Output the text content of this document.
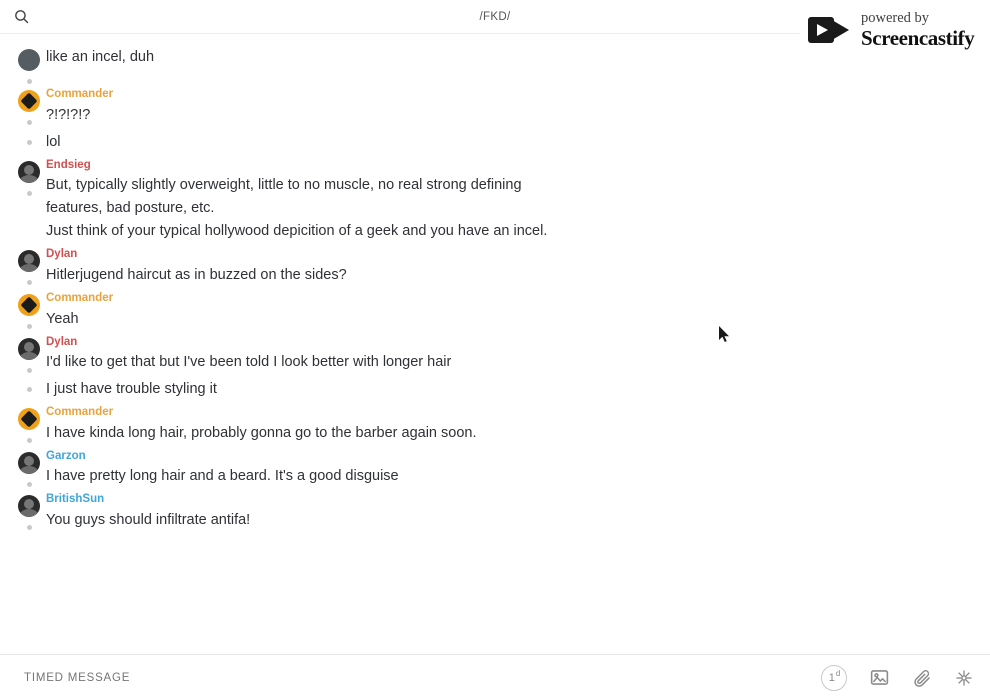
/FKD/	powered by
Screencastify
like an incel, duh
Commander
?!?!?!?
lol
Endsieg
But, typically slightly overweight, little to no muscle, no real strong defining
features, bad posture, etc.
Just think of your typical hollywood depicition of a geek and you have an incel.
Dylan
Hitlerjugend haircut as in buzzed on the sides?
Commander
Yeah
Dylan
I'd like to get that but I've been told I look better with longer hair
I just have trouble styling it
Commander
I have kinda long hair, probably gonna go to the barber again soon.
Garzon
I have pretty long hair and a beard. It's a good disguise
BritishSun
You guys should infiltrate antifa!
TIMED MESSAGE
1$^d$
